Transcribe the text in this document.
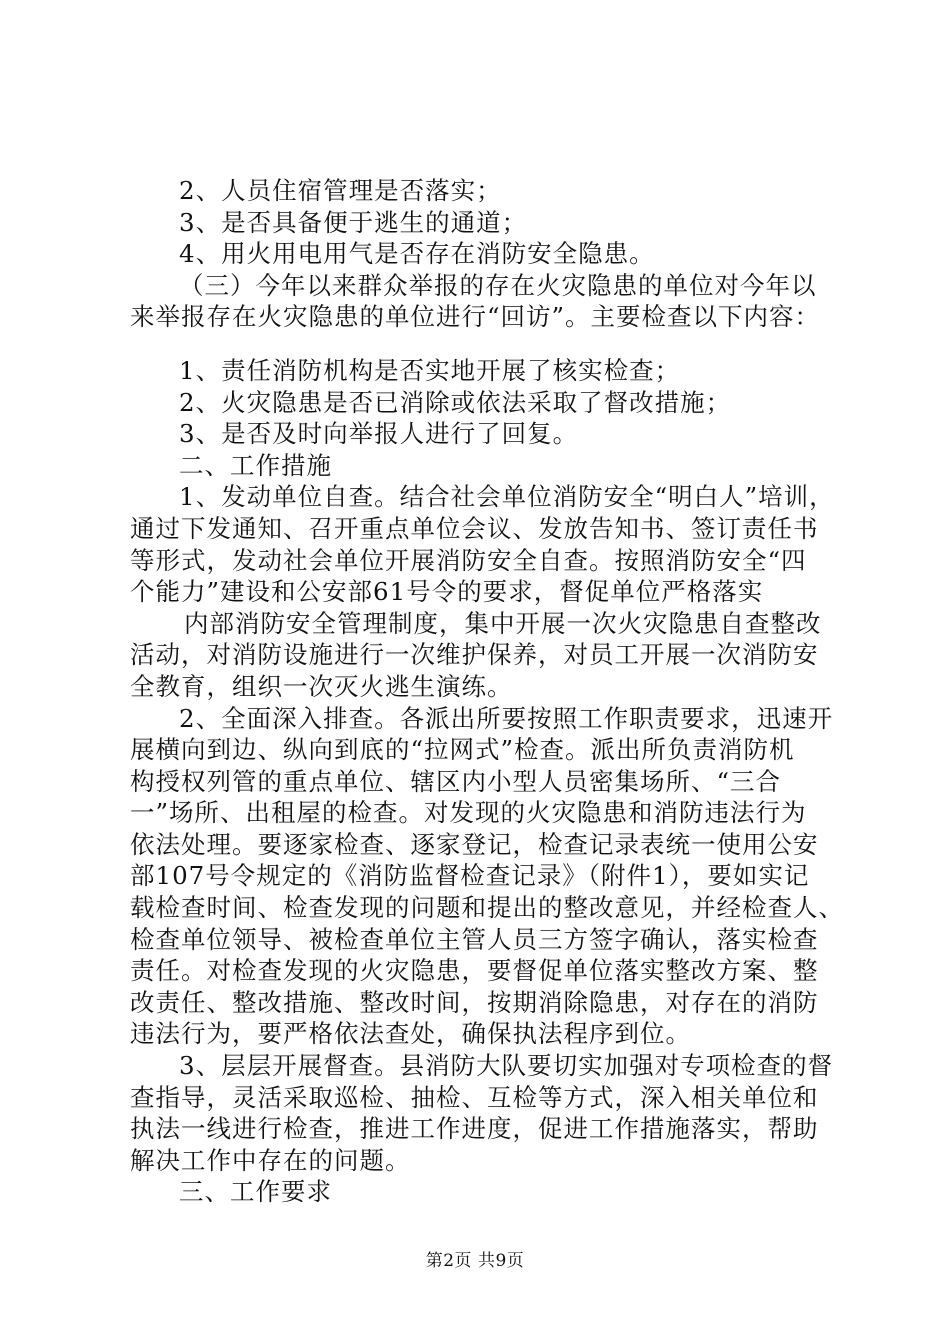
2、人员住宿管理是否落实；
3、是否具备便于逃生的通道；
4、用火用电用气是否存在消防安全隐患。
（三）今年以来群众举报的存在火灾隐患的单位对今年以
来举报存在火灾隐患的单位进行“回访”。主要检查以下内容：
1、责任消防机构是否实地开展了核实检查；
2、火灾隐患是否已消除或依法采取了督改措施；
3、是否及时向举报人进行了回复。
二、工作措施
1、发动单位自查。结合社会单位消防安全“明白人”培训，
通过下发通知、召开重点单位会议、发放告知书、签订责任书
等形式，发动社会单位开展消防安全自查。按照消防安全“四
个能力”建设和公安部61号令的要求，督促单位严格落实
内部消防安全管理制度，集中开展一次火灾隐患自查整改
活动，对消防设施进行一次维护保养，对员工开展一次消防安
全教育，组织一次灭火逃生演练。
2、全面深入排查。各派出所要按照工作职责要求，迅速开
展横向到边、纵向到底的“拉网式”检查。派出所负责消防机
构授权列管的重点单位、辖区内小型人员密集场所、“三合
一”场所、出租屋的检查。对发现的火灾隐患和消防违法行为
依法处理。要逐家检查、逐家登记，检查记录表统一使用公安
部107号令规定的《消防监督检查记录》（附件1），要如实记
载检查时间、检查发现的问题和提出的整改意见，并经检查人、
检查单位领导、被检查单位主管人员三方签字确认，落实检查
责任。对检查发现的火灾隐患，要督促单位落实整改方案、整
改责任、整改措施、整改时间，按期消除隐患，对存在的消防
违法行为，要严格依法查处，确保执法程序到位。
3、层层开展督查。县消防大队要切实加强对专项检查的督
查指导，灵活采取巡检、抽检、互检等方式，深入相关单位和
执法一线进行检查，推进工作进度，促进工作措施落实，帮助
解决工作中存在的问题。
三、工作要求
第2页 共9页
